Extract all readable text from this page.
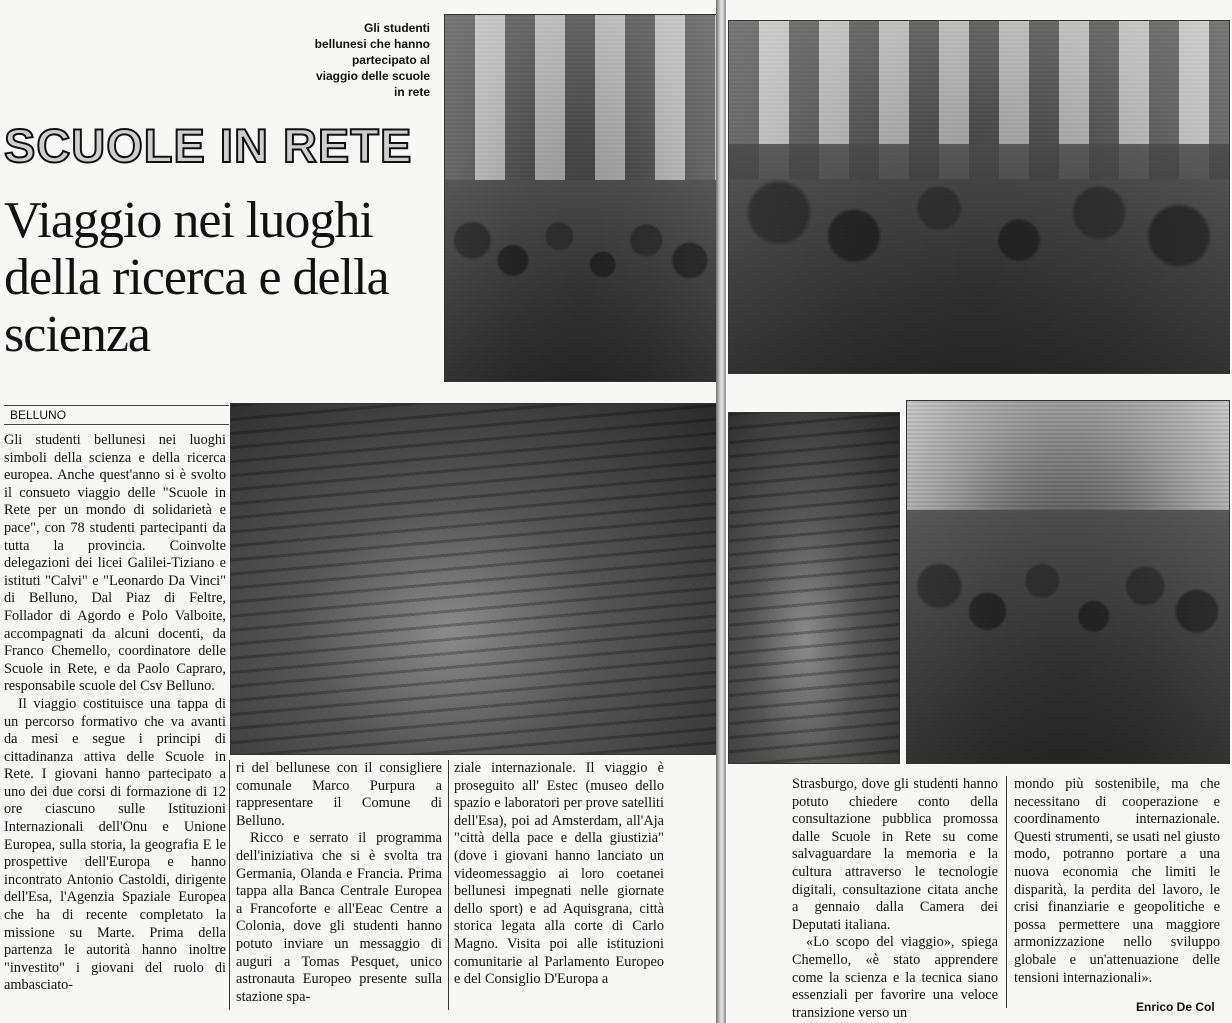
Gli studenti bellunesi che hanno partecipato al viaggio delle scuole in rete
SCUOLE IN RETE
Viaggio nei luoghi della ricerca e della scienza
BELLUNO

Gli studenti bellunesi nei luoghi simboli della scienza e della ricerca europea. Anche quest'anno si è svolto il consueto viaggio delle "Scuole in Rete per un mondo di solidarietà e pace", con 78 studenti partecipanti da tutta la provincia. Coinvolte delegazioni dei licei Galilei-Tiziano e istituti "Calvi" e "Leonardo Da Vinci" di Belluno, Dal Piaz di Feltre, Follador di Agordo e Polo Valboite, accompagnati da alcuni docenti, da Franco Chemello, coordinatore delle Scuole in Rete, e da Paolo Capraro, responsabile scuole del Csv Belluno.

Il viaggio costituisce una tappa di un percorso formativo che va avanti da mesi e segue i principi di cittadinanza attiva delle Scuole in Rete. I giovani hanno partecipato a uno dei due corsi di formazione di 12 ore ciascuno sulle Istituzioni Internazionali dell'Onu e Unione Europea, sulla storia, la geografia E le prospettive dell'Europa e hanno incontrato Antonio Castoldi, dirigente dell'Esa, l'Agenzia Spaziale Europea che ha di recente completato la missione su Marte. Prima della partenza le autorità hanno inoltre "investito" i giovani del ruolo di ambasciato-

ri del bellunese con il consigliere comunale Marco Purpura a rappresentare il Comune di Belluno.

Ricco e serrato il programma dell'iniziativa che si è svolta tra Germania, Olanda e Francia. Prima tappa alla Banca Centrale Europea a Francoforte e all'Eeac Centre a Colonia, dove gli studenti hanno potuto inviare un messaggio di auguri a Tomas Pesquet, unico astronauta Europeo presente sulla stazione spa-

ziale internazionale. Il viaggio è proseguito all' Estec (museo dello spazio e laboratori per prove satelliti dell'Esa), poi ad Amsterdam, all'Aja "città della pace e della giustizia" (dove i giovani hanno lanciato un videomessaggio ai loro coetanei bellunesi impegnati nelle giornate dello sport) e ad Aquisgrana, città storica legata alla corte di Carlo Magno. Visita poi alle istituzioni comunitarie al Parlamento Europeo e del Consiglio D'Europa a

Strasburgo, dove gli studenti hanno potuto chiedere conto della consultazione pubblica promossa dalle Scuole in Rete su come salvaguardare la memoria e la cultura attraverso le tecnologie digitali, consultazione citata anche a gennaio dalla Camera dei Deputati italiana.

«Lo scopo del viaggio», spiega Chemello, «è stato apprendere come la scienza e la tecnica siano essenziali per favorire una veloce transizione verso un

mondo più sostenibile, ma che necessitano di cooperazione e coordinamento internazionale. Questi strumenti, se usati nel giusto modo, potranno portare a una nuova economia che limiti le disparità, la perdita del lavoro, le crisi finanziarie e geopolitiche e possa permettere una maggiore armonizzazione nello sviluppo globale e un'attenuazione delle tensioni internazionali».

Enrico De Col
